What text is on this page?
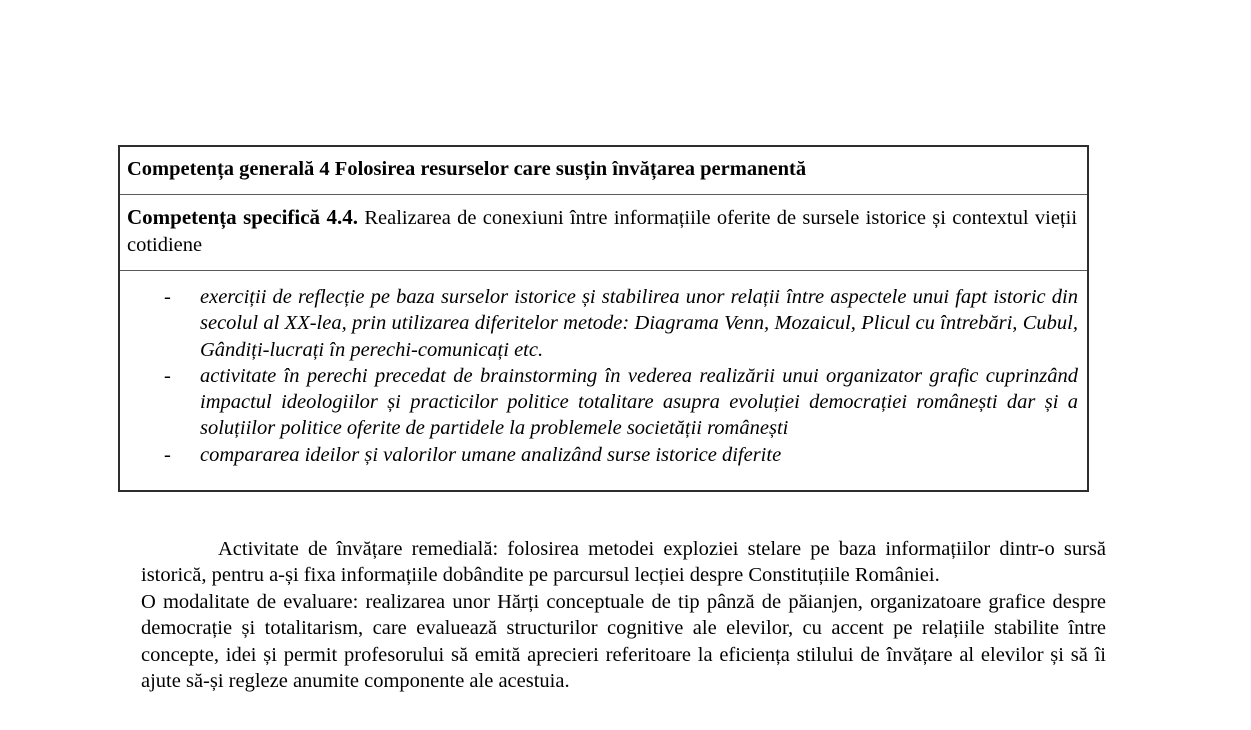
Competența generală 4 Folosirea resurselor care susțin învățarea permanentă
Competența specifică 4.4. Realizarea de conexiuni între informațiile oferite de sursele istorice și contextul vieții cotidiene
- exerciții de reflecție pe baza surselor istorice și stabilirea unor relații între aspectele unui fapt istoric din secolul al XX-lea, prin utilizarea diferitelor metode: Diagrama Venn, Mozaicul, Plicul cu întrebări, Cubul, Gândiți-lucrați în perechi-comunicați etc.
- activitate în perechi precedat de brainstorming în vederea realizării unui organizator grafic cuprinzând impactul ideologiilor și practicilor politice totalitare asupra evoluției democrației românești dar și a soluțiilor politice oferite de partidele la problemele societății românești
- compararea ideilor și valorilor umane analizând surse istorice diferite

Activitate de învățare remedială: folosirea metodei exploziei stelare pe baza informațiilor dintr-o sursă istorică, pentru a-și fixa informațiile dobândite pe parcursul lecției despre Constituțiile României.

O modalitate de evaluare: realizarea unor Hărți conceptuale de tip pânză de păianjen, organizatoare grafice despre democrație și totalitarism, care evaluează structurilor cognitive ale elevilor, cu accent pe relațiile stabilite între concepte, idei și permit profesorului să emită aprecieri referitoare la eficiența stilului de învățare al elevilor și să îi ajute să-și regleze anumite componente ale acestuia.
